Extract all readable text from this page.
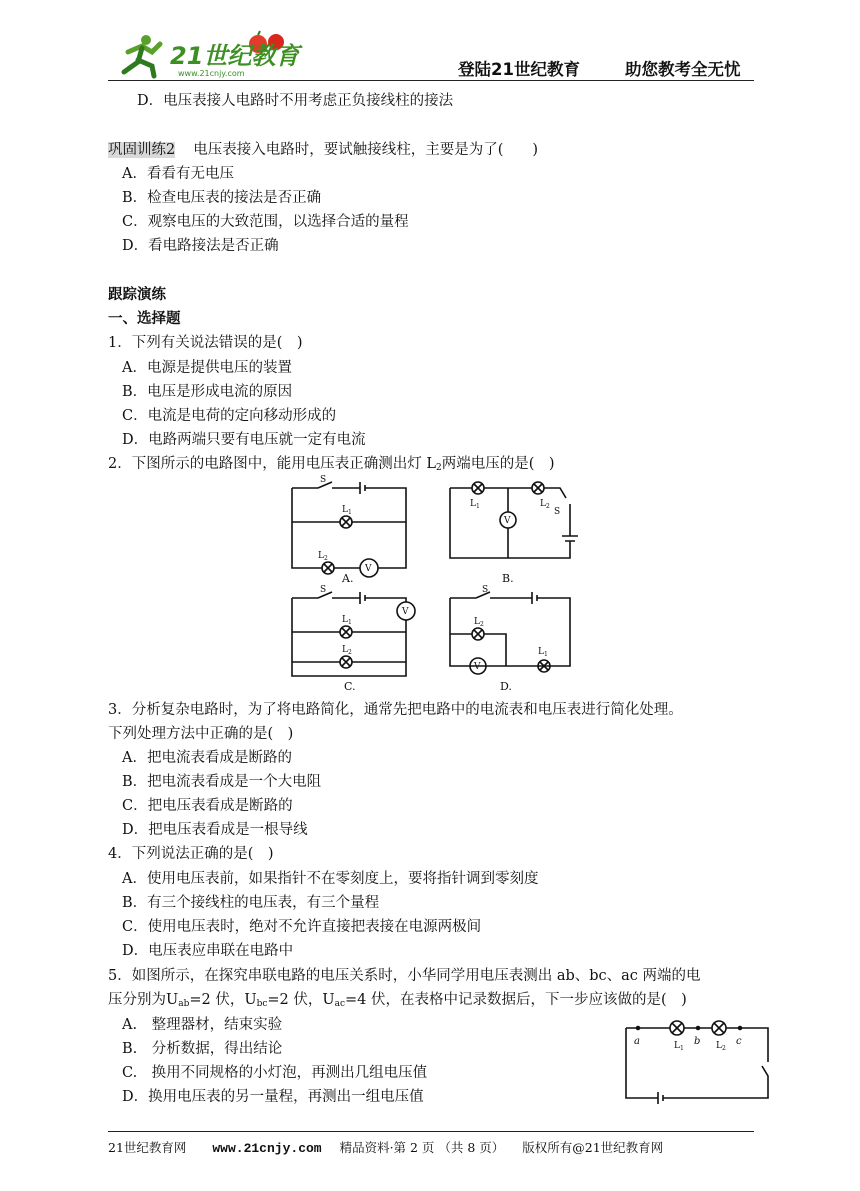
21世纪教育
www.21cnjy.com	登陆21世纪教育	助您教考全无忧
D．电压表接人电路时不用考虑正负接线柱的接法
巩固训练2 电压表接入电路时，要试触接线柱，主要是为了(　　)
A．看看有无电压
B．检查电压表的接法是否正确
C．观察电压的大致范围，以选择合适的量程
D．看电路接法是否正确
跟踪演练
一、选择题
1．下列有关说法错误的是(　)
A．电源是提供电压的装置
B．电压是形成电流的原因
C．电流是电荷的定向移动形成的
D．电路两端只要有电压就一定有电流
2．下图所示的电路图中，能用电压表正确测出灯 $L_2$两端电压的是(　)
S
L 1
L 2
V
A.
L 1	L 2
S
V
B.
S
L 1
L 2
V
C.
S
L 2
L 1
V
D.
3．分析复杂电路时，为了将电路简化，通常先把电路中的电流表和电压表进行简化处理。
下列处理方法中正确的是(　)
A．把电流表看成是断路的
B．把电流表看成是一个大电阻
C．把电压表看成是断路的
D．把电压表看成是一根导线
4．下列说法正确的是(　)
A．使用电压表前，如果指针不在零刻度上，要将指针调到零刻度
B．有三个接线柱的电压表，有三个量程
C．使用电压表时，绝对不允许直接把表接在电源两极间
D．电压表应串联在电路中
5．如图所示，在探究串联电路的电压关系时，小华同学用电压表测出 ab、bc、ac 两端的电
压分别为$U_{ab}=2$ 伏，$U_{bc}=2$ 伏，$U_{ac}=4$ 伏，在表格中记录数据后，下一步应该做的是(　)
A.　整理器材，结束实验
B.　分析数据，得出结论
C.　换用不同规格的小灯泡，再测出几组电压值
D．换用电压表的另一量程，再测出一组电压值
a	b	c
L 1	L 2
21世纪教育网 www.21cnjy.com 精品资料·第 2 页 （共 8 页） 版权所有@21世纪教育网
